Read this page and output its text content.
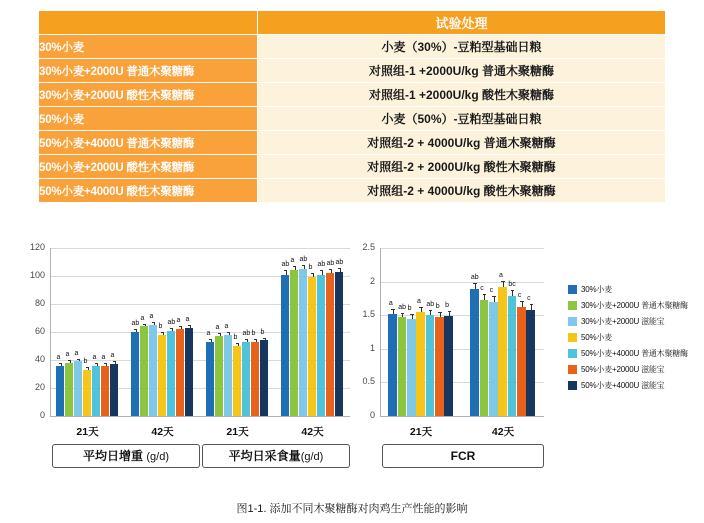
	试验处理
30%小麦	小麦（30%）-豆粕型基础日粮
30%小麦+2000U 普通木聚糖酶	对照组-1 +2000U/kg 普通木聚糖酶
30%小麦+2000U 酸性木聚糖酶	对照组-1 +2000U/kg 酸性木聚糖酶
50%小麦	小麦（50%）-豆粕型基础日粮
50%小麦+4000U 普通木聚糖酶	对照组-2 + 4000U/kg 普通木聚糖酶
50%小麦+2000U 酸性木聚糖酶	对照组-2 + 2000U/kg 酸性木聚糖酶
50%小麦+4000U 酸性木聚糖酶	对照组-2 + 4000U/kg 酸性木聚糖酶
0
20
40
60
80
100
120
a a a
b
a a a
21天
ab
a a
b
ab a a
42天
a
a a
b
ab b b
21天
ab
a ab
b ab ab ab
42天
平均日增重 (g/d)	平均日采食量(g/d)
0
0.5
1
1.5
2
2.5
a ab b
a ab b b
21天
ab
c c
a
bc
c c
42天
FCR
30%小麦
30%小麦+2000U 普通木聚糖酶
30%小麦+2000U 滋能宝
50%小麦
50%小麦+4000U 普通木聚糖酶
50%小麦+2000U 滋能宝
50%小麦+4000U 滋能宝
图1-1. 添加不同木聚糖酶对肉鸡生产性能的影响
